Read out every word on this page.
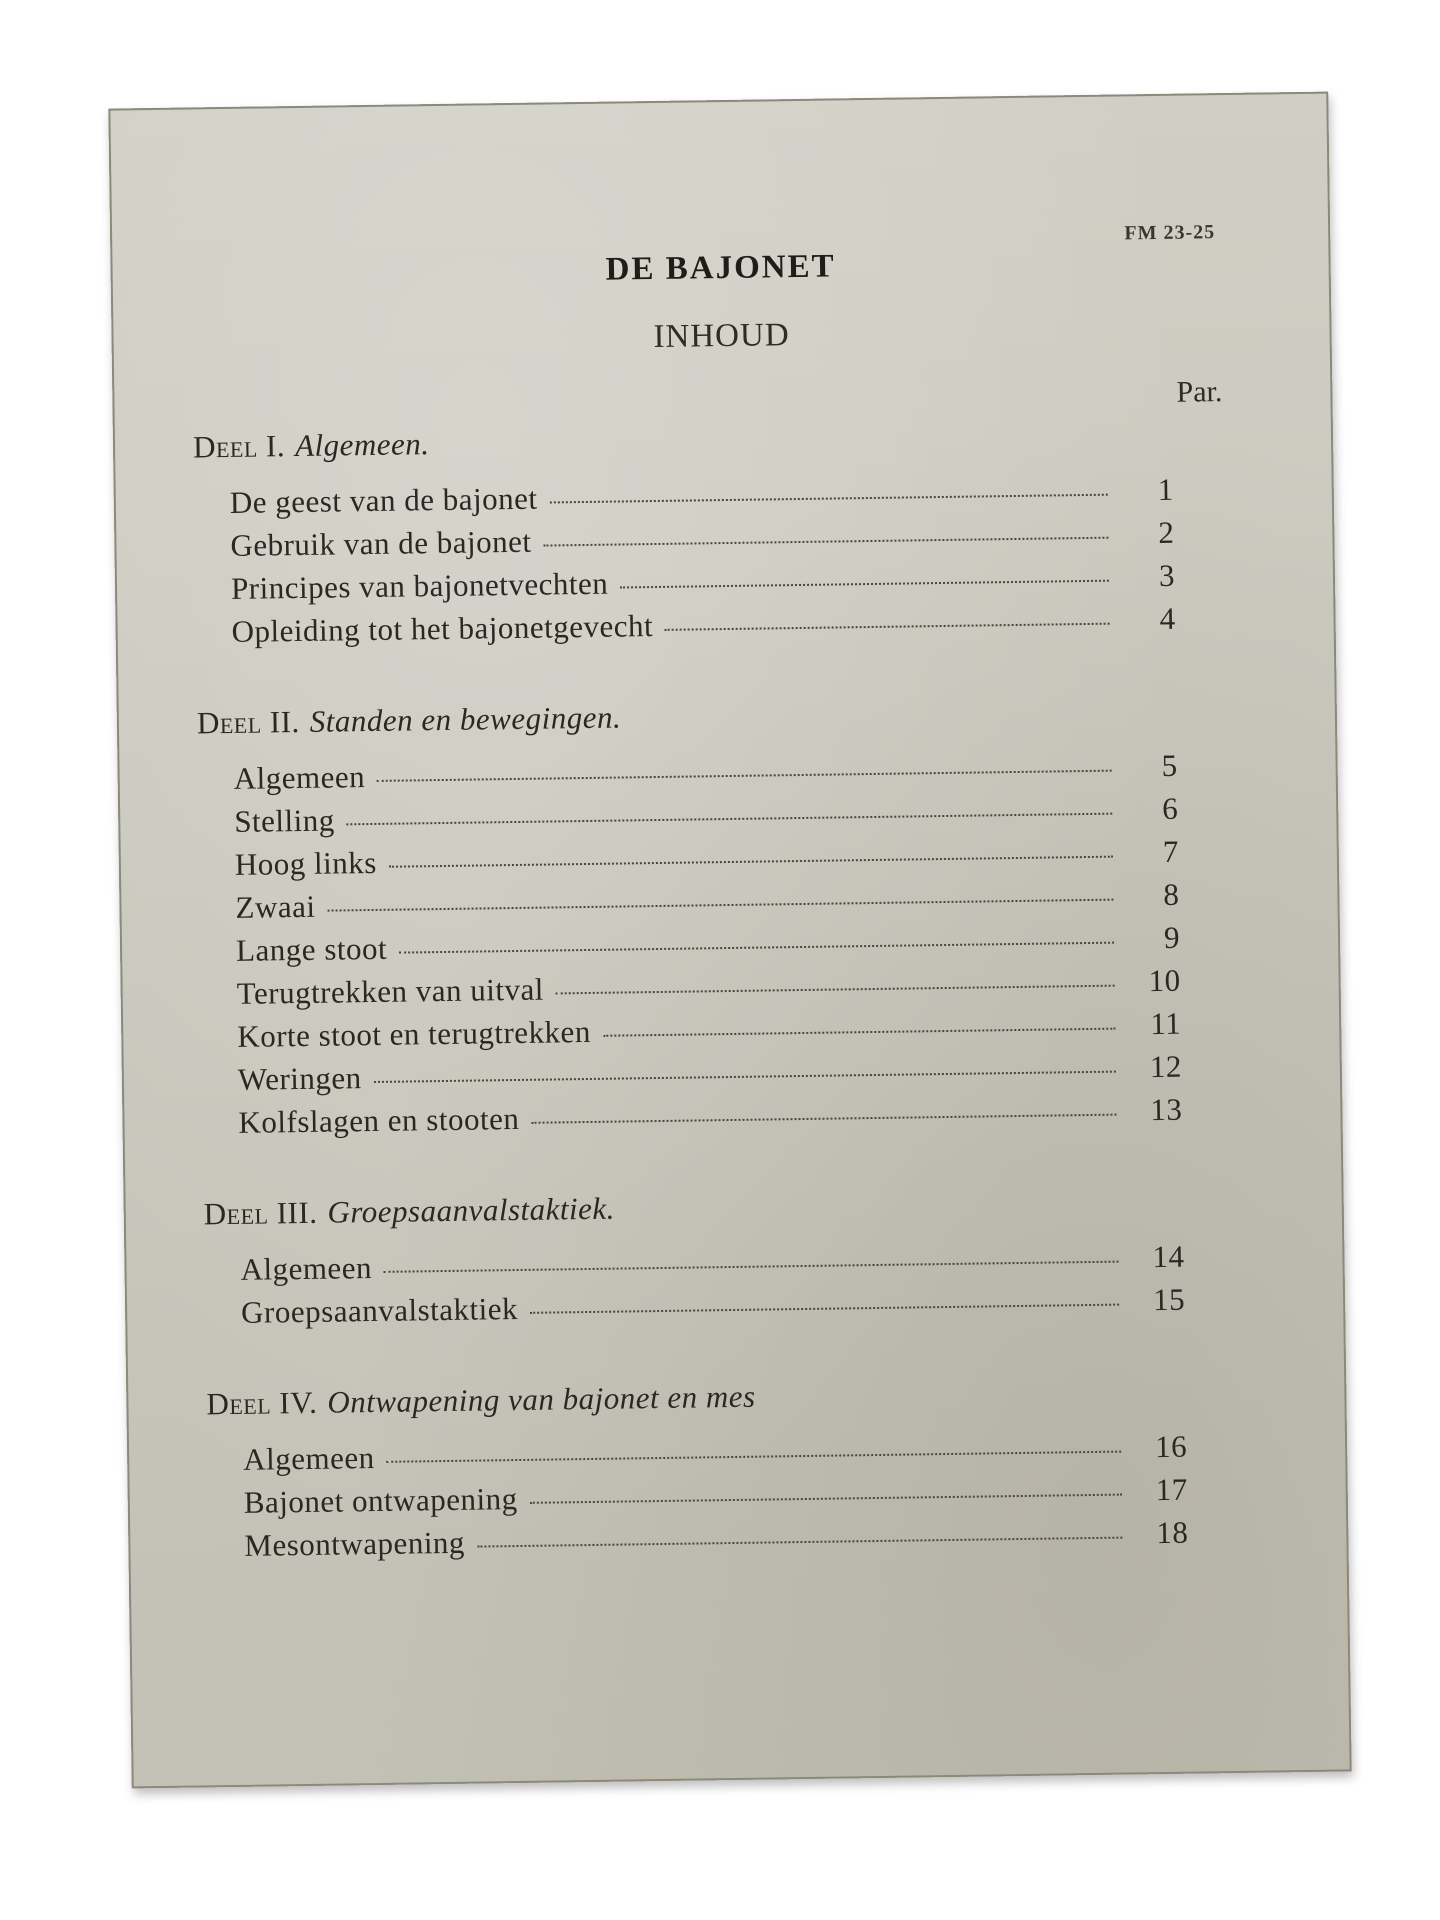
FM 23-25
DE BAJONET
INHOUD
Par.
Deel I. Algemeen.
De geest van de bajonet	1
Gebruik van de bajonet	2
Principes van bajonetvechten	3
Opleiding tot het bajonetgevecht	4
Deel II. Standen en bewegingen.
Algemeen	5
Stelling	6
Hoog links	7
Zwaai	8
Lange stoot	9
Terugtrekken van uitval	10
Korte stoot en terugtrekken	11
Weringen	12
Kolfslagen en stooten	13
Deel III. Groepsaanvalstaktiek.
Algemeen	14
Groepsaanvalstaktiek	15
Deel IV. Ontwapening van bajonet en mes
Algemeen	16
Bajonet ontwapening	17
Mesontwapening	18
